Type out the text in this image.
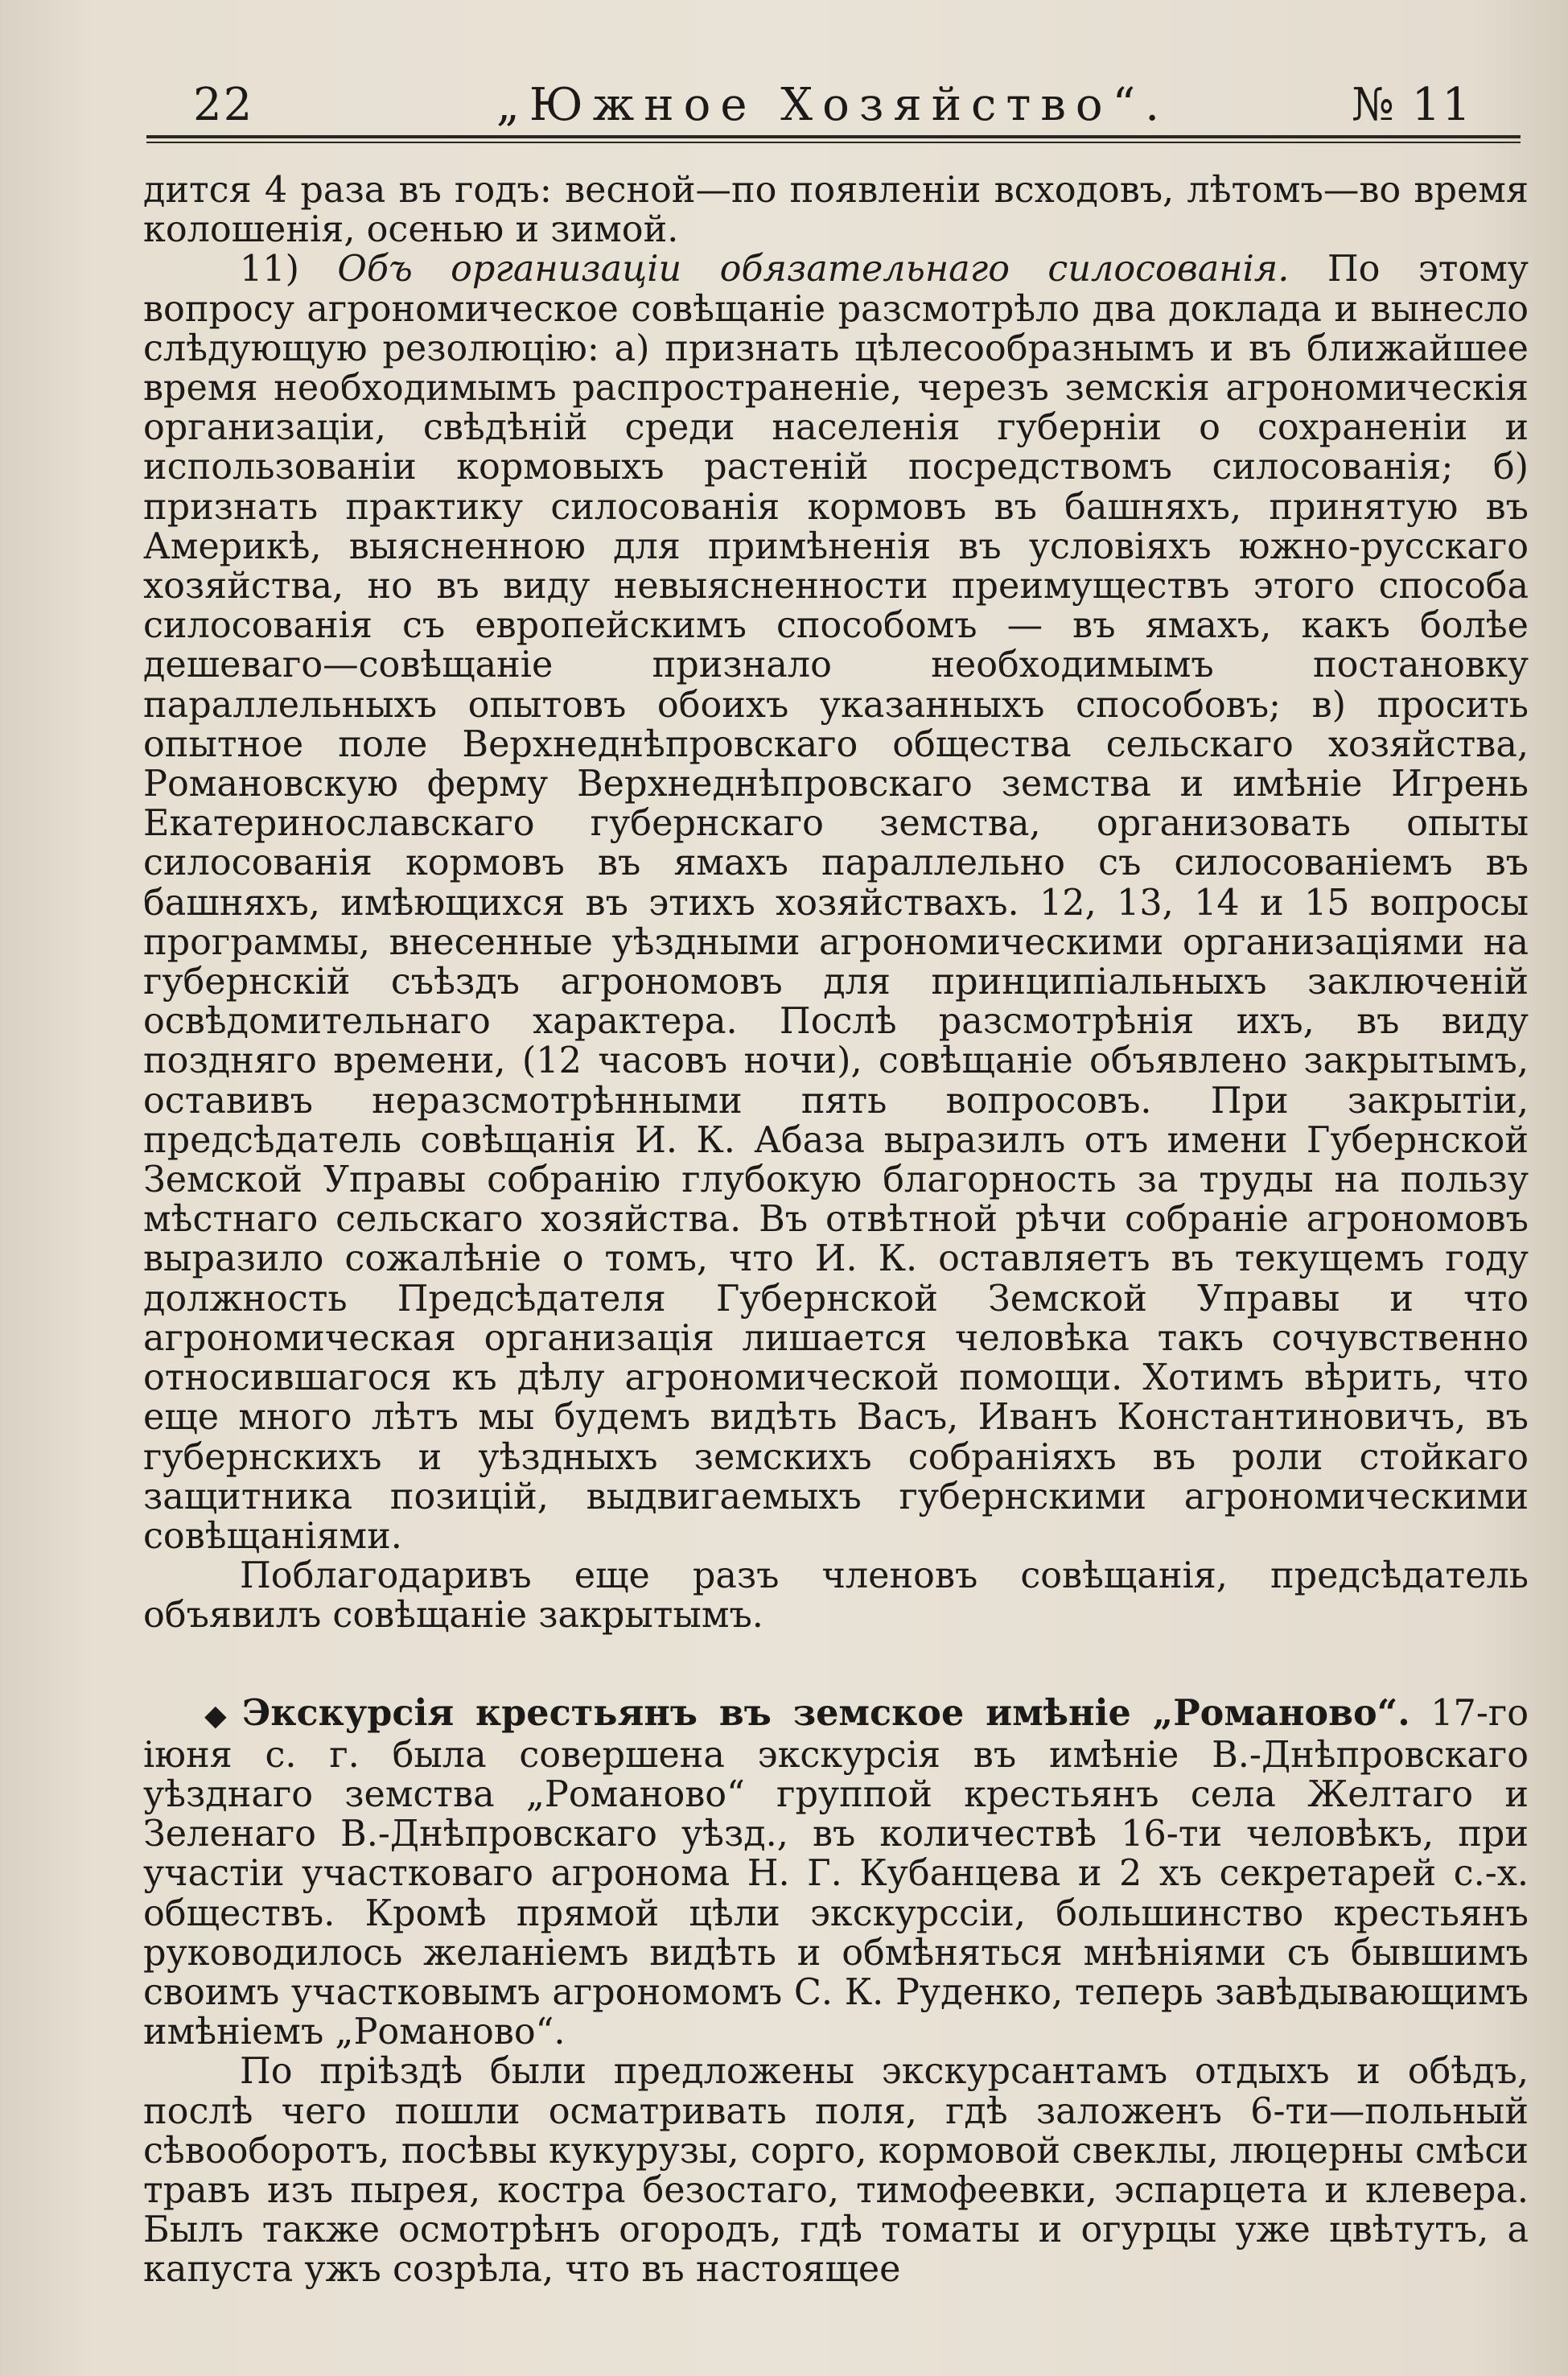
22	„Южное Хозяйство“.	№ 11

дится 4 раза въ годъ: весной—по появленіи всходовъ, лѣтомъ—во время колошенія, осенью и зимой.

11) Объ организаціи обязательнаго силосованія. По этому вопросу агрономическое совѣщаніе разсмотрѣло два доклада и вынесло слѣдующую резолюцію: а) признать цѣлесообразнымъ и въ ближайшее время необходимымъ распространеніе, черезъ земскія агрономическія организаціи, свѣдѣній среди населенія губерніи о сохраненіи и использованіи кормовыхъ растеній посредствомъ силосованія; б) признать практику силосованія кормовъ въ башняхъ, принятую въ Америкѣ, выясненною для примѣненія въ условіяхъ южно-русскаго хозяйства, но въ виду невыясненности преимуществъ этого способа силосованія съ европейскимъ способомъ — въ ямахъ, какъ болѣе дешеваго—совѣщаніе признало необходимымъ постановку параллельныхъ опытовъ обоихъ указанныхъ способовъ; в) просить опытное поле Верхнеднѣпровскаго общества сельскаго хозяйства, Романовскую ферму Верхнеднѣпровскаго земства и имѣніе Игрень Екатеринославскаго губернскаго земства, организовать опыты силосованія кормовъ въ ямахъ параллельно съ силосованіемъ въ башняхъ, имѣющихся въ этихъ хозяйствахъ. 12, 13, 14 и 15 вопросы программы, внесенные уѣздными агрономическими организаціями на губернскій съѣздъ агрономовъ для принципіальныхъ заключеній освѣдомительнаго характера. Послѣ разсмотрѣнія ихъ, въ виду поздняго времени, (12 часовъ ночи), совѣщаніе объявлено закрытымъ, оставивъ неразсмотрѣнными пять вопросовъ. При закрытіи, предсѣдатель совѣщанія И. К. Абаза выразилъ отъ имени Губернской Земской Управы собранію глубокую благорность за труды на пользу мѣстнаго сельскаго хозяйства. Въ отвѣтной рѣчи собраніе агрономовъ выразило сожалѣніе о томъ, что И. К. оставляетъ въ текущемъ году должность Предсѣдателя Губернской Земской Управы и что агрономическая организація лишается человѣка такъ сочувственно относившагося къ дѣлу агрономической помощи. Хотимъ вѣрить, что еще много лѣтъ мы будемъ видѣть Васъ, Иванъ Константиновичъ, въ губернскихъ и уѣздныхъ земскихъ собраніяхъ въ роли стойкаго защитника позицій, выдвигаемыхъ губернскими агрономическими совѣщаніями.

Поблагодаривъ еще разъ членовъ совѣщанія, предсѣдатель объявилъ совѣщаніе закрытымъ.

◆ Экскурсія крестьянъ въ земское имѣніе „Романово“. 17-го іюня с. г. была совершена экскурсія въ имѣніе В.-Днѣпровскаго уѣзднаго земства „Романово“ группой крестьянъ села Желтаго и Зеленаго В.-Днѣпровскаго уѣзд., въ количествѣ 16-ти человѣкъ, при участіи участковаго агронома Н. Г. Кубанцева и 2 хъ секретарей с.-х. обществъ. Кромѣ прямой цѣли экскурссіи, большинство крестьянъ руководилось желаніемъ видѣть и обмѣняться мнѣніями съ бывшимъ своимъ участковымъ агрономомъ С. К. Руденко, теперь завѣдывающимъ имѣніемъ „Романово“.

По пріѣздѣ были предложены экскурсантамъ отдыхъ и обѣдъ, послѣ чего пошли осматривать поля, гдѣ заложенъ 6-ти—польный сѣвооборотъ, посѣвы кукурузы, сорго, кормовой свеклы, люцерны смѣси травъ изъ пырея, костра безостаго, тимофеевки, эспарцета и клевера. Былъ также осмотрѣнъ огородъ, гдѣ томаты и огурцы уже цвѣтутъ, а капуста ужъ созрѣла, что въ настоящее
